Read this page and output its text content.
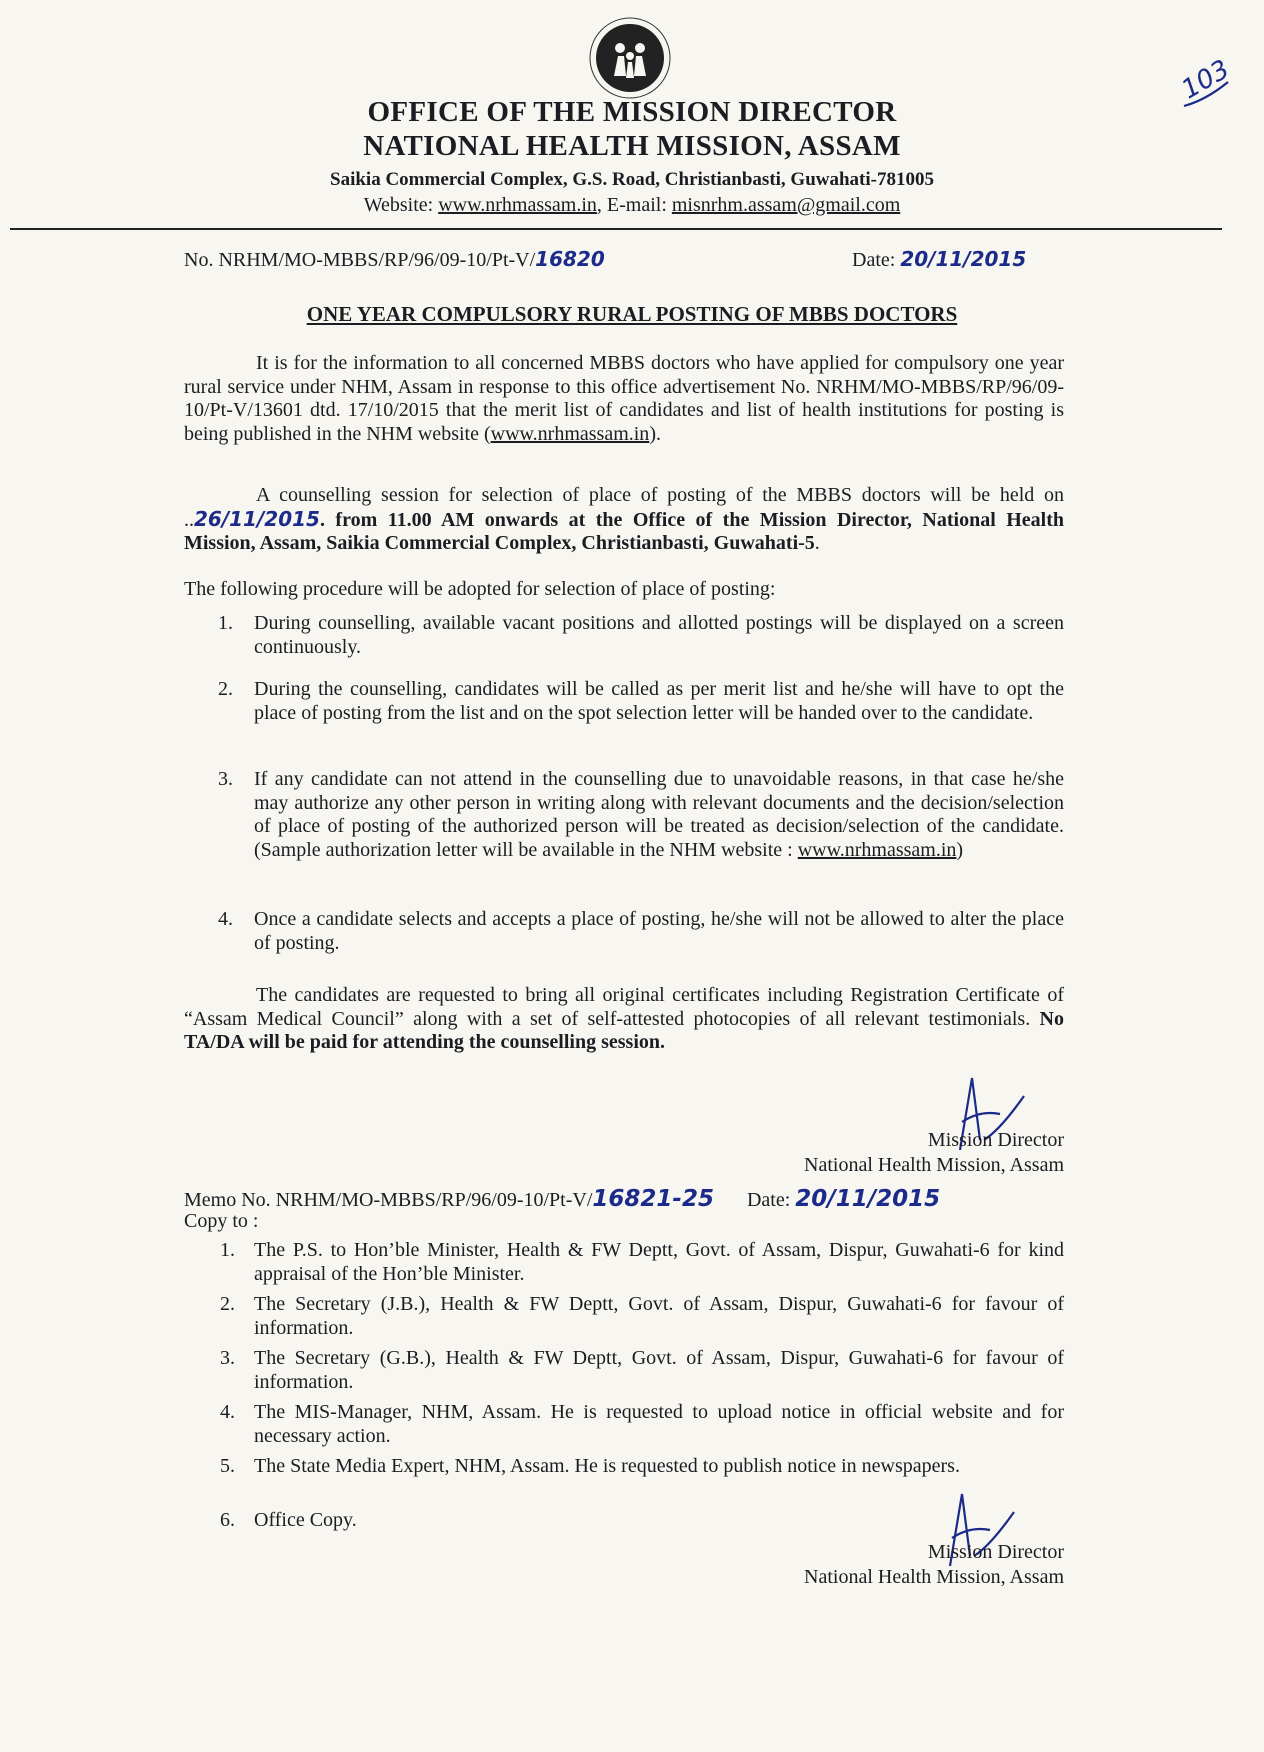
103
OFFICE OF THE MISSION DIRECTOR
NATIONAL HEALTH MISSION, ASSAM
Saikia Commercial Complex, G.S. Road, Christianbasti, Guwahati-781005
Website: www.nrhmassam.in, E-mail: misnrhm.assam@gmail.com
No. NRHM/MO-MBBS/RP/96/09-10/Pt-V/16820	Date: 20/11/2015
ONE YEAR COMPULSORY RURAL POSTING OF MBBS DOCTORS
It is for the information to all concerned MBBS doctors who have applied for compulsory one year rural service under NHM, Assam in response to this office advertisement No. NRHM/MO-MBBS/RP/96/09-10/Pt-V/13601 dtd. 17/10/2015 that the merit list of candidates and list of health institutions for posting is being published in the NHM website (www.nrhmassam.in).
A counselling session for selection of place of posting of the MBBS doctors will be held on ..26/11/2015. from 11.00 AM onwards at the Office of the Mission Director, National Health Mission, Assam, Saikia Commercial Complex, Christianbasti, Guwahati-5.
The following procedure will be adopted for selection of place of posting:
1. During counselling, available vacant positions and allotted postings will be displayed on a screen continuously.
2. During the counselling, candidates will be called as per merit list and he/she will have to opt the place of posting from the list and on the spot selection letter will be handed over to the candidate.
3. If any candidate can not attend in the counselling due to unavoidable reasons, in that case he/she may authorize any other person in writing along with relevant documents and the decision/selection of place of posting of the authorized person will be treated as decision/selection of the candidate. (Sample authorization letter will be available in the NHM website : www.nrhmassam.in)
4. Once a candidate selects and accepts a place of posting, he/she will not be allowed to alter the place of posting.
The candidates are requested to bring all original certificates including Registration Certificate of “Assam Medical Council” along with a set of self-attested photocopies of all relevant testimonials. No TA/DA will be paid for attending the counselling session.
Mission Director
National Health Mission, Assam
Memo No. NRHM/MO-MBBS/RP/96/09-10/Pt-V/16821-25 Date: 20/11/2015
Copy to :
1. The P.S. to Hon’ble Minister, Health & FW Deptt, Govt. of Assam, Dispur, Guwahati-6 for kind appraisal of the Hon’ble Minister.
2. The Secretary (J.B.), Health & FW Deptt, Govt. of Assam, Dispur, Guwahati-6 for favour of information.
3. The Secretary (G.B.), Health & FW Deptt, Govt. of Assam, Dispur, Guwahati-6 for favour of information.
4. The MIS-Manager, NHM, Assam. He is requested to upload notice in official website and for necessary action.
5. The State Media Expert, NHM, Assam. He is requested to publish notice in newspapers.
6. Office Copy.
Mission Director
National Health Mission, Assam
